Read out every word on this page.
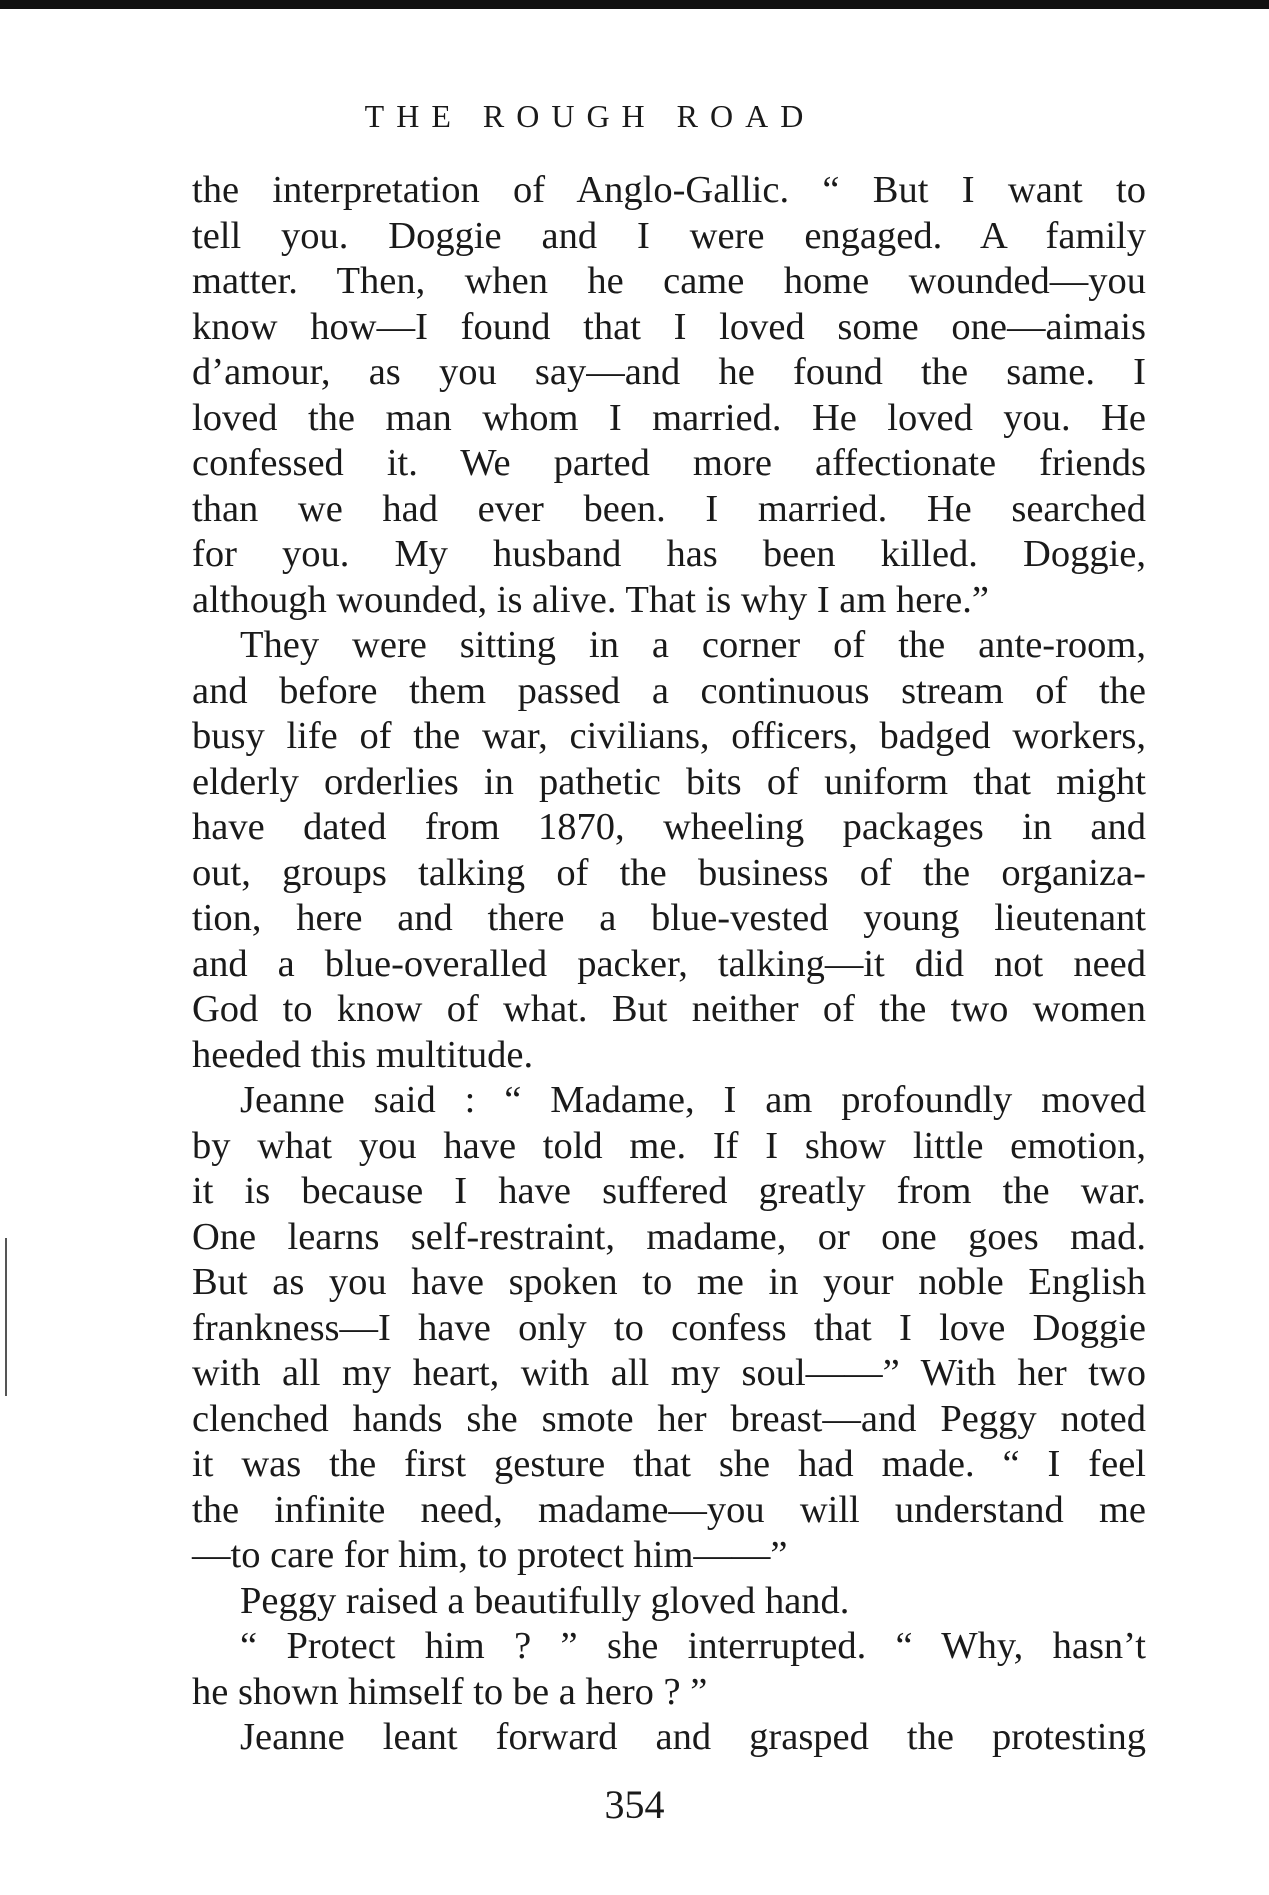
THE ROUGH ROAD
the interpretation of Anglo-Gallic. “ But I want to
tell you. Doggie and I were engaged. A family
matter. Then, when he came home wounded—you
know how—I found that I loved some one—aimais
d’amour, as you say—and he found the same. I
loved the man whom I married. He loved you. He
confessed it. We parted more affectionate friends
than we had ever been. I married. He searched
for you. My husband has been killed. Doggie,
although wounded, is alive. That is why I am here.”
They were sitting in a corner of the ante-room,
and before them passed a continuous stream of the
busy life of the war, civilians, officers, badged workers,
elderly orderlies in pathetic bits of uniform that might
have dated from 1870, wheeling packages in and
out, groups talking of the business of the organiza-
tion, here and there a blue-vested young lieutenant
and a blue-overalled packer, talking—it did not need
God to know of what. But neither of the two women
heeded this multitude.
Jeanne said : “ Madame, I am profoundly moved
by what you have told me. If I show little emotion,
it is because I have suffered greatly from the war.
One learns self-restraint, madame, or one goes mad.
But as you have spoken to me in your noble English
frankness—I have only to confess that I love Doggie
with all my heart, with all my soul——” With her two
clenched hands she smote her breast—and Peggy noted
it was the first gesture that she had made. “ I feel
the infinite need, madame—you will understand me
—to care for him, to protect him——”
Peggy raised a beautifully gloved hand.
“ Protect him ? ” she interrupted. “ Why, hasn’t
he shown himself to be a hero ? ”
Jeanne leant forward and grasped the protesting
354
